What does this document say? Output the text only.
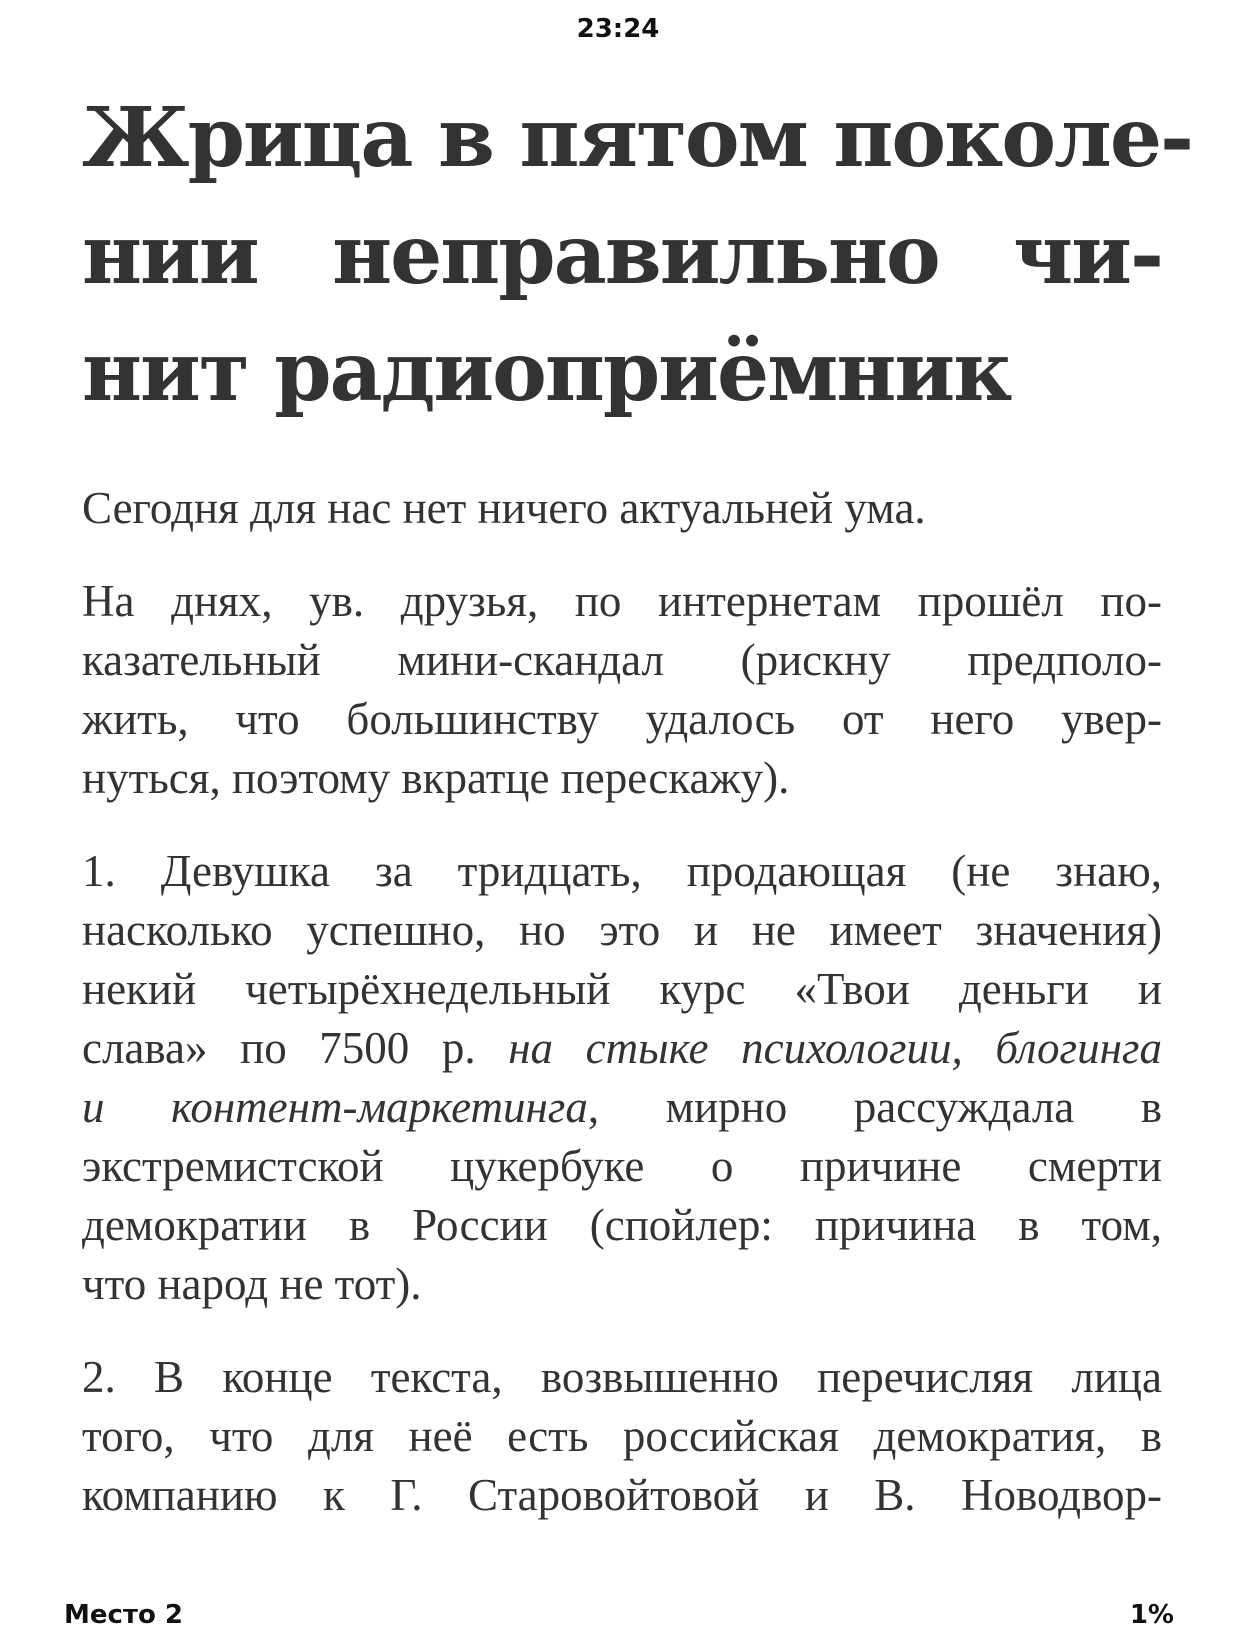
23:24
Жрица в пятом поколе-
нии неправильно чи-
нит радиоприёмник

Сегодня для нас нет ничего актуальней ума.

На днях, ув. друзья, по интернетам прошёл по-
казательный мини-скандал (рискну предполо-
жить, что большинству удалось от него увер-
нуться, поэтому вкратце перескажу).

1. Девушка за тридцать, продающая (не знаю,
насколько успешно, но это и не имеет значения)
некий четырёхнедельный курс «Твои деньги и
слава» по 7500 р. на стыке психологии, блогинга
и контент-маркетинга, мирно рассуждала в
экстремистской цукербуке о причине смерти
демократии в России (спойлер: причина в том,
что народ не тот).

2. В конце текста, возвышенно перечисляя лица
того, что для неё есть российская демократия, в
компанию к Г. Старовойтовой и В. Новодвор-

Место 2	1%
